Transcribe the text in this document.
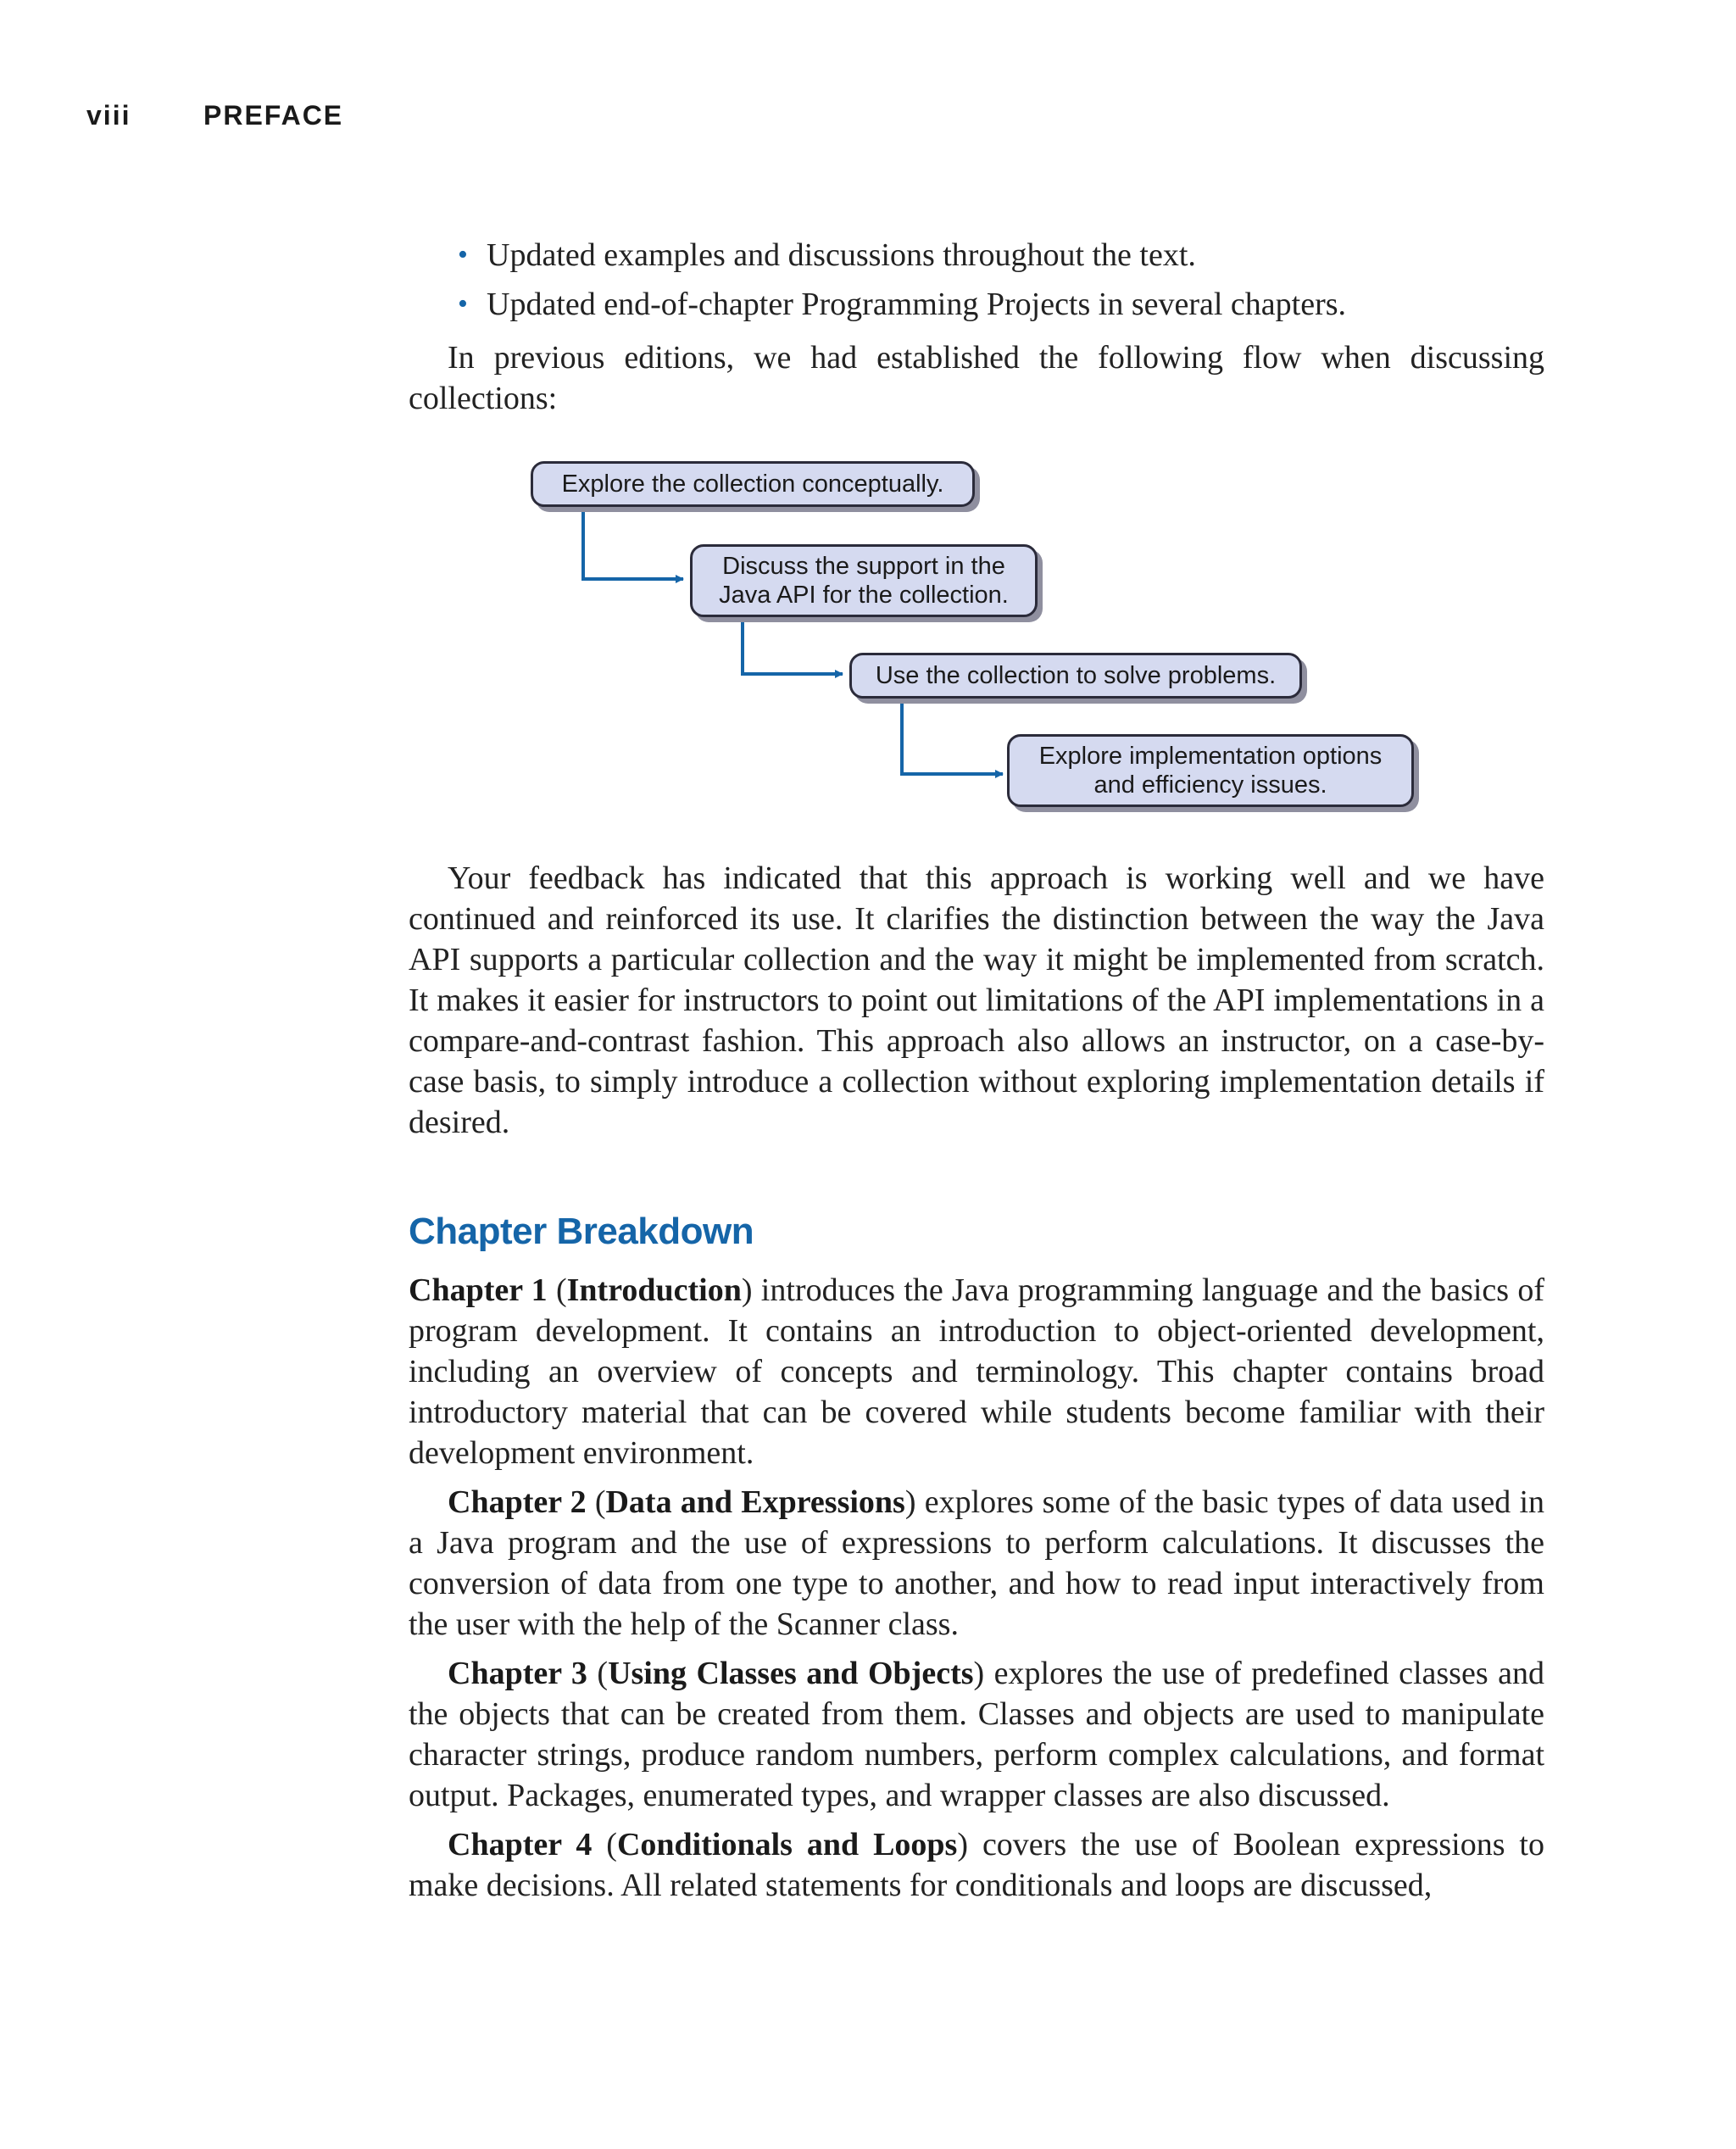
viii	PREFACE
• Updated examples and discussions throughout the text.
• Updated end-of-chapter Programming Projects in several chapters.

In previous editions, we had established the following flow when discussing collections:

Explore the collection conceptually.
Discuss the support in the
Java API for the collection.
Use the collection to solve problems.
Explore implementation options
and efficiency issues.

Your feedback has indicated that this approach is working well and we have continued and reinforced its use. It clarifies the distinction between the way the Java API supports a particular collection and the way it might be implemented from scratch. It makes it easier for instructors to point out limitations of the API implementations in a compare-and-contrast fashion. This approach also allows an instructor, on a case-by-case basis, to simply introduce a collection without exploring implementation details if desired.

Chapter Breakdown

Chapter 1 (Introduction) introduces the Java programming language and the basics of program development. It contains an introduction to object-oriented development, including an overview of concepts and terminology. This chapter contains broad introductory material that can be covered while students become familiar with their development environment.

Chapter 2 (Data and Expressions) explores some of the basic types of data used in a Java program and the use of expressions to perform calculations. It discusses the conversion of data from one type to another, and how to read input interactively from the user with the help of the Scanner class.

Chapter 3 (Using Classes and Objects) explores the use of predefined classes and the objects that can be created from them. Classes and objects are used to manipulate character strings, produce random numbers, perform complex calculations, and format output. Packages, enumerated types, and wrapper classes are also discussed.

Chapter 4 (Conditionals and Loops) covers the use of Boolean expressions to make decisions. All related statements for conditionals and loops are discussed,
